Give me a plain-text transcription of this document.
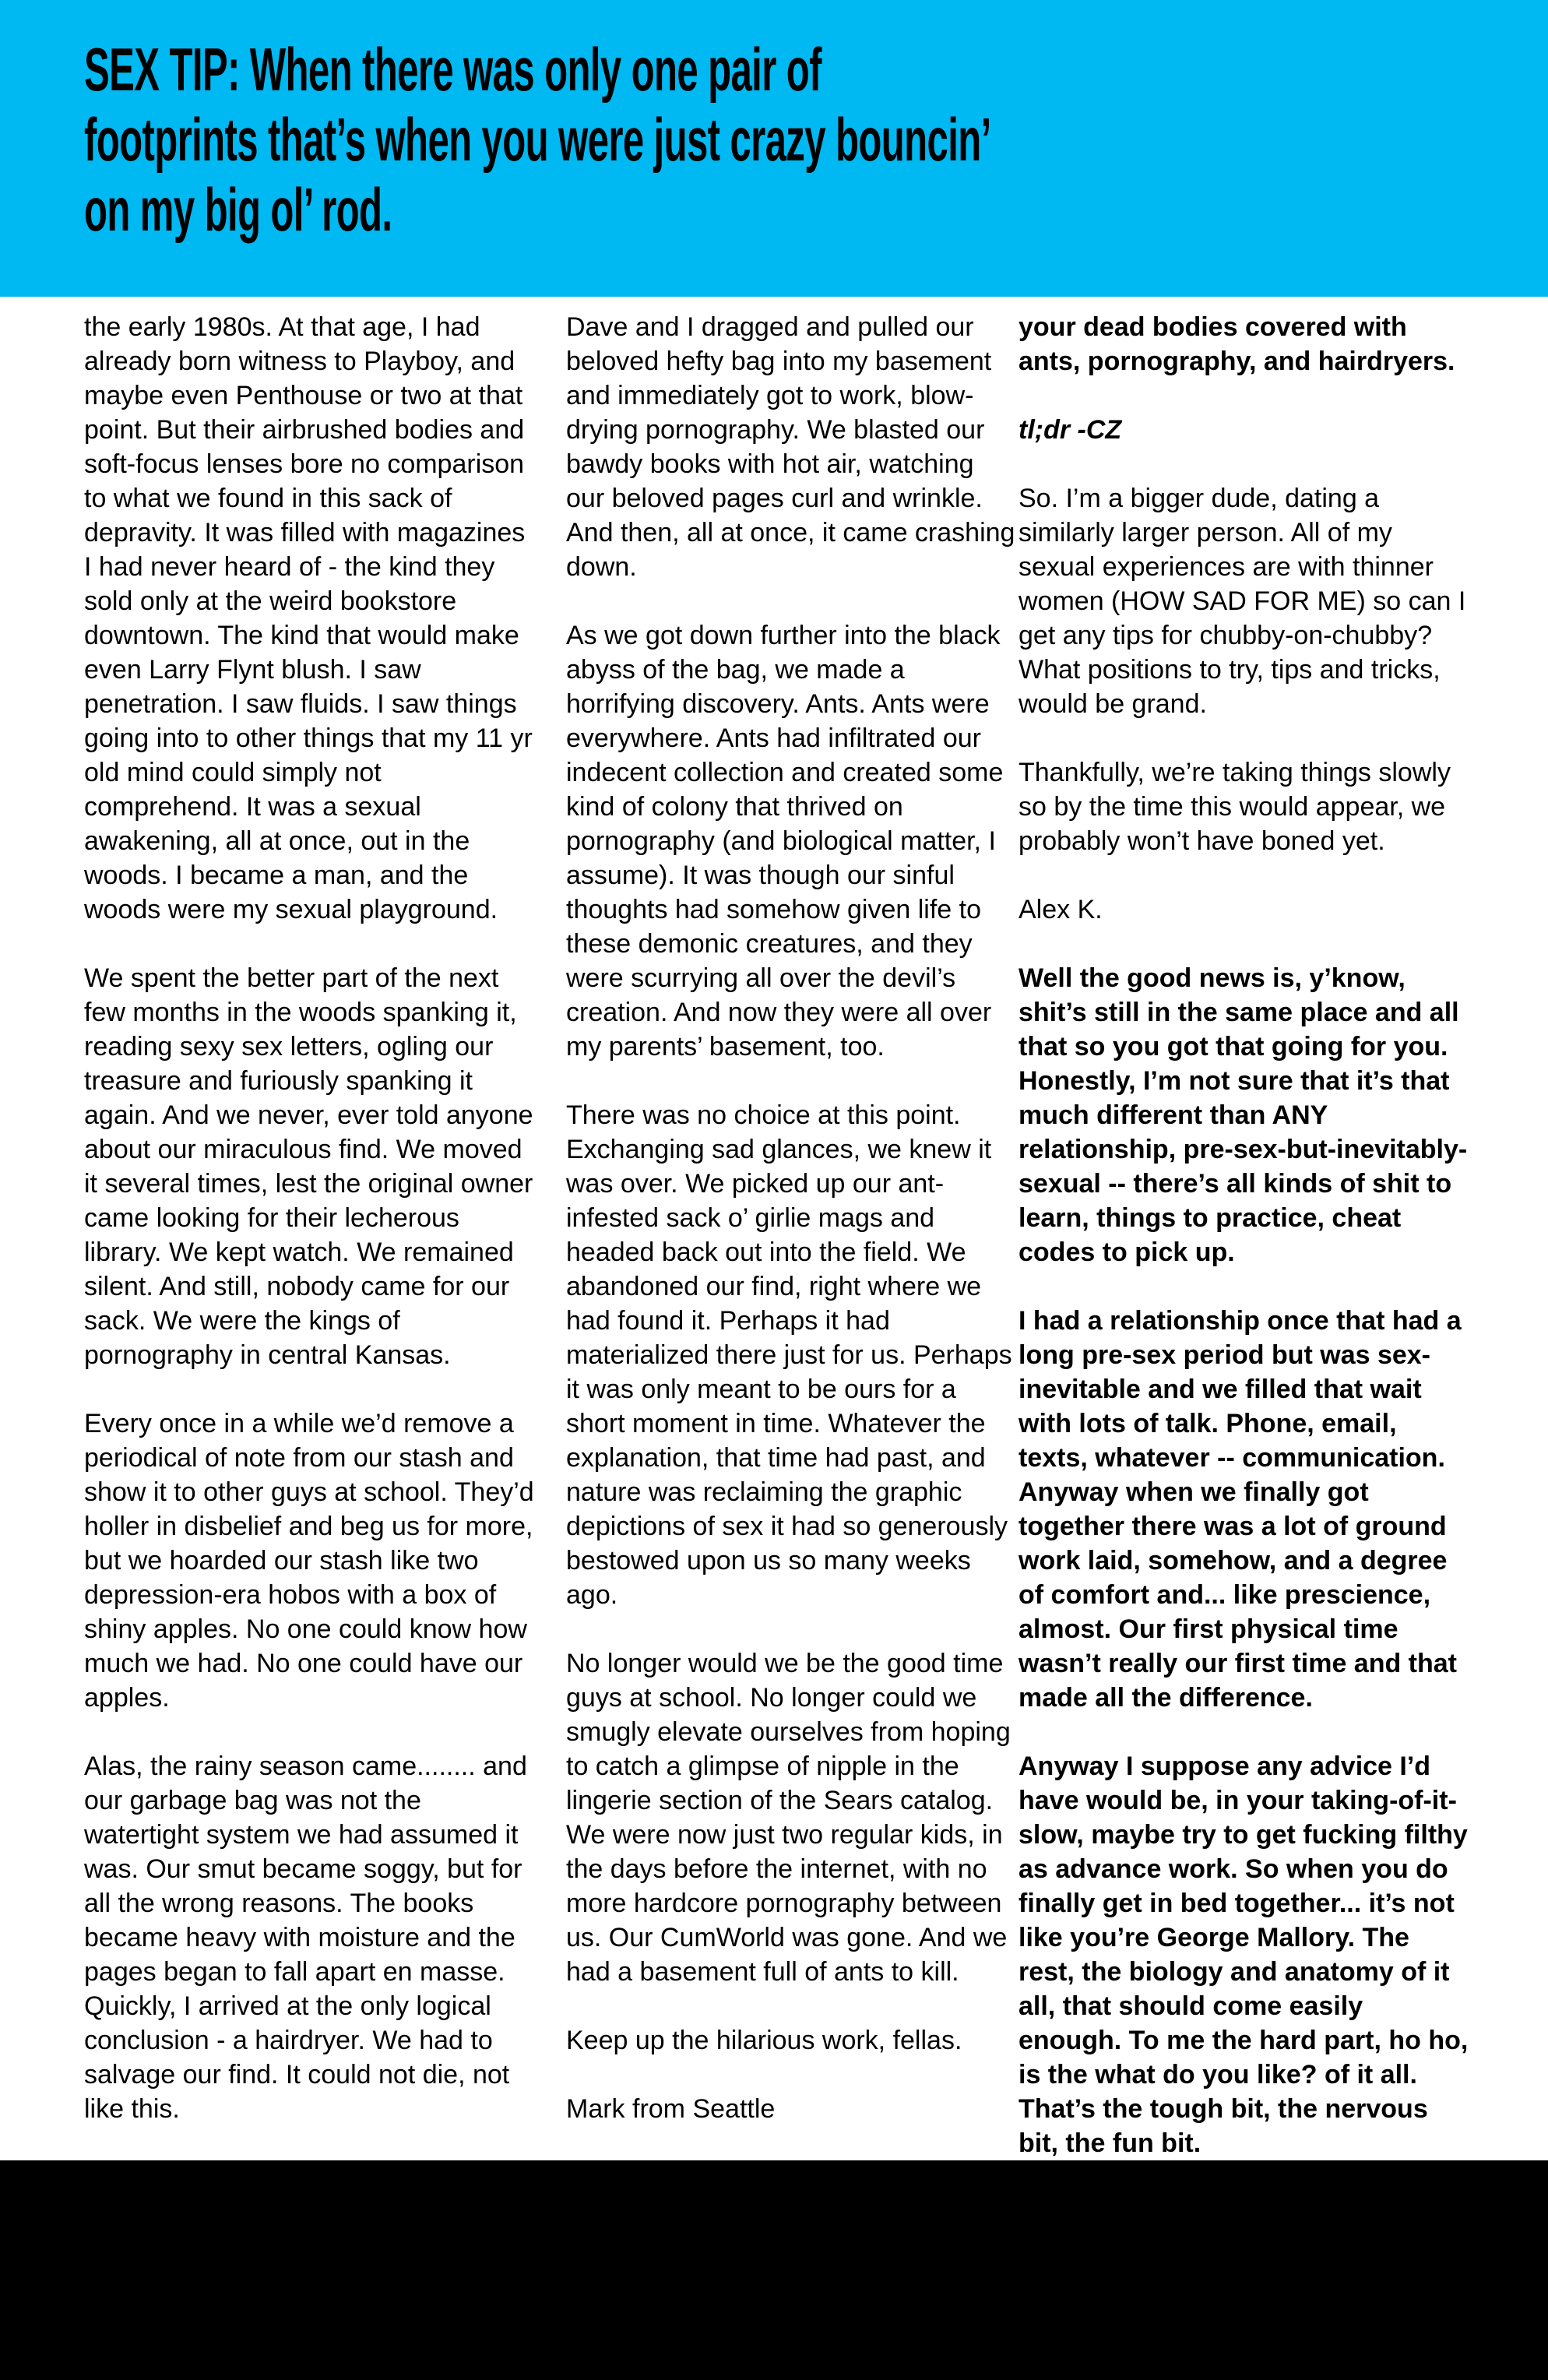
SEX TIP: When there was only one pair of
footprints that’s when you were just crazy bouncin’
on my big ol’ rod.

the early 1980s. At that age, I had already born witness to Playboy, and maybe even Penthouse or two at that point. But their airbrushed bodies and soft-focus lenses bore no comparison to what we found in this sack of depravity. It was filled with magazines I had never heard of - the kind they sold only at the weird bookstore downtown. The kind that would make even Larry Flynt blush. I saw penetration. I saw fluids. I saw things going into to other things that my 11 yr old mind could simply not comprehend. It was a sexual awakening, all at once, out in the woods. I became a man, and the woods were my sexual playground.

We spent the better part of the next few months in the woods spanking it, reading sexy sex letters, ogling our treasure and furiously spanking it again. And we never, ever told anyone about our miraculous find. We moved it several times, lest the original owner came looking for their lecherous library. We kept watch. We remained silent. And still, nobody came for our sack. We were the kings of pornography in central Kansas.

Every once in a while we’d remove a periodical of note from our stash and show it to other guys at school. They’d holler in disbelief and beg us for more, but we hoarded our stash like two depression-era hobos with a box of shiny apples. No one could know how much we had. No one could have our apples.

Alas, the rainy season came........ and our garbage bag was not the watertight system we had assumed it was. Our smut became soggy, but for all the wrong reasons. The books became heavy with moisture and the pages began to fall apart en masse. Quickly, I arrived at the only logical conclusion - a hairdryer. We had to salvage our find. It could not die, not like this.

Dave and I dragged and pulled our beloved hefty bag into my basement and immediately got to work, blow-drying pornography. We blasted our bawdy books with hot air, watching our beloved pages curl and wrinkle. And then, all at once, it came crashing down.

As we got down further into the black abyss of the bag, we made a horrifying discovery. Ants. Ants were everywhere. Ants had infiltrated our indecent collection and created some kind of colony that thrived on pornography (and biological matter, I assume). It was though our sinful thoughts had somehow given life to these demonic creatures, and they were scurrying all over the devil’s creation. And now they were all over my parents’ basement, too.

There was no choice at this point. Exchanging sad glances, we knew it was over. We picked up our ant-infested sack o’ girlie mags and headed back out into the field. We abandoned our find, right where we had found it. Perhaps it had materialized there just for us. Perhaps it was only meant to be ours for a short moment in time. Whatever the explanation, that time had past, and nature was reclaiming the graphic depictions of sex it had so generously bestowed upon us so many weeks ago.

No longer would we be the good time guys at school. No longer could we smugly elevate ourselves from hoping to catch a glimpse of nipple in the lingerie section of the Sears catalog. We were now just two regular kids, in the days before the internet, with no more hardcore pornography between us. Our CumWorld was gone. And we had a basement full of ants to kill.

Keep up the hilarious work, fellas.

Mark from Seattle

your dead bodies covered with ants, pornography, and hairdryers.

tl;dr -CZ

So. I’m a bigger dude, dating a similarly larger person. All of my sexual experiences are with thinner women (HOW SAD FOR ME) so can I get any tips for chubby-on-chubby? What positions to try, tips and tricks, would be grand.

Thankfully, we’re taking things slowly so by the time this would appear, we probably won’t have boned yet.

Alex K.

Well the good news is, y’know, shit’s still in the same place and all that so you got that going for you. Honestly, I’m not sure that it’s that much different than ANY relationship, pre-sex-but-inevitably-sexual -- there’s all kinds of shit to learn, things to practice, cheat codes to pick up.

I had a relationship once that had a long pre-sex period but was sex-inevitable and we filled that wait with lots of talk. Phone, email, texts, whatever -- communication. Anyway when we finally got together there was a lot of ground work laid, somehow, and a degree of comfort and... like prescience, almost. Our first physical time wasn’t really our first time and that made all the difference.

Anyway I suppose any advice I’d have would be, in your taking-of-it-slow, maybe try to get fucking filthy as advance work. So when you do finally get in bed together... it’s not like you’re George Mallory. The rest, the biology and anatomy of it all, that should come easily enough. To me the hard part, ho ho, is the what do you like? of it all. That’s the tough bit, the nervous bit, the fun bit.
